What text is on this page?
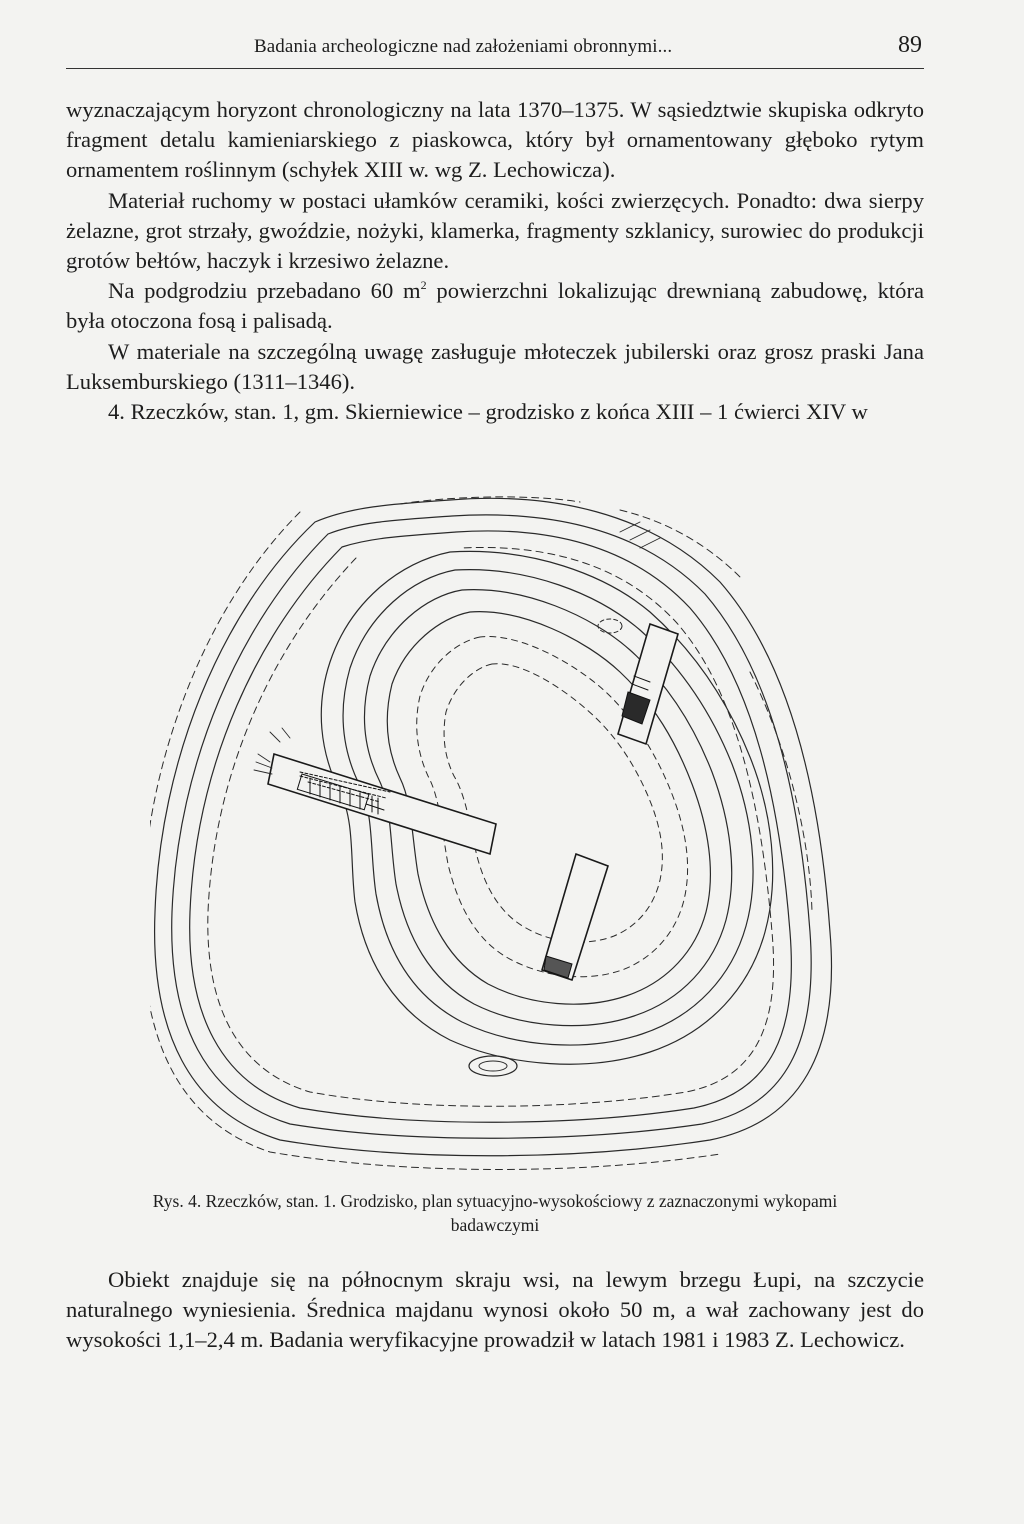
Badania archeologiczne nad założeniami obronnymi...	89

wyznaczającym horyzont chronologiczny na lata 1370–1375. W sąsiedztwie skupiska odkryto fragment detalu kamieniarskiego z piaskowca, który był ornamentowany głęboko rytym ornamentem roślinnym (schyłek XIII w. wg Z. Lechowicza).

Materiał ruchomy w postaci ułamków ceramiki, kości zwierzęcych. Ponadto: dwa sierpy żelazne, grot strzały, gwoździe, nożyki, klamerka, fragmenty szklanicy, surowiec do produkcji grotów bełtów, haczyk i krzesiwo żelazne.

Na podgrodziu przebadano 60 $m^2$ powierzchni lokalizując drewnianą zabudowę, która była otoczona fosą i palisadą.

W materiale na szczególną uwagę zasługuje młoteczek jubilerski oraz grosz praski Jana Luksemburskiego (1311–1346).

4. Rzeczków, stan. 1, gm. Skierniewice – grodzisko z końca XIII – 1 ćwierci XIV w

Rys. 4. Rzeczków, stan. 1. Grodzisko, plan sytuacyjno-wysokościowy z zaznaczonymi wykopami
badawczymi

Obiekt znajduje się na północnym skraju wsi, na lewym brzegu Łupi, na szczycie naturalnego wyniesienia. Średnica majdanu wynosi około 50 m, a wał zachowany jest do wysokości 1,1–2,4 m. Badania weryfikacyjne prowadził w latach 1981 i 1983 Z. Lechowicz.
